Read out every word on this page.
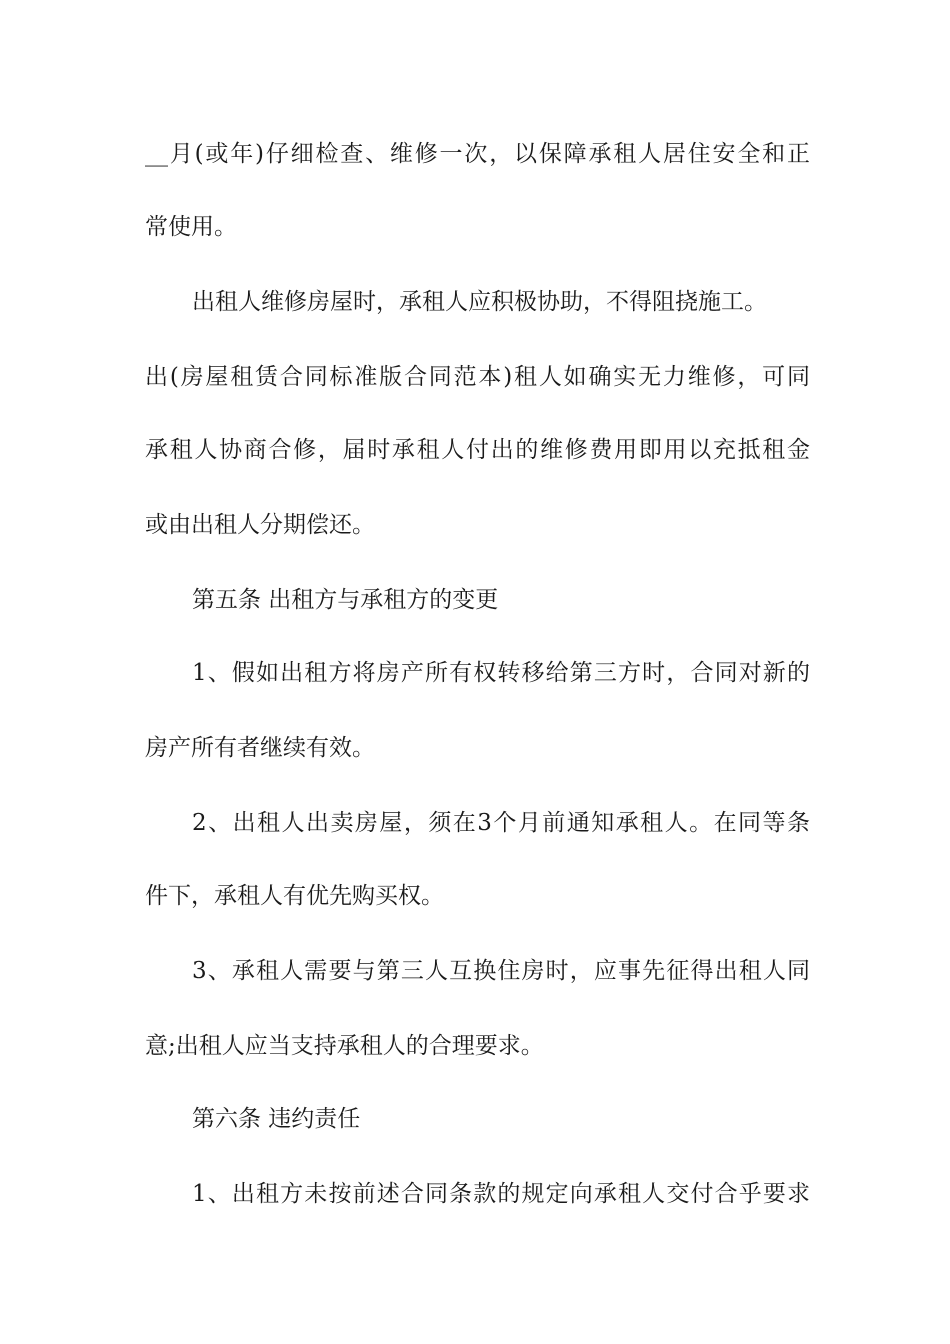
__月(或年)仔细检查、维修一次，以保障承租人居住安全和正
常使用。
出租人维修房屋时，承租人应积极协助，不得阻挠施工。
出(房屋租赁合同标准版合同范本)租人如确实无力维修，可同
承租人协商合修，届时承租人付出的维修费用即用以充抵租金
或由出租人分期偿还。
第五条 出租方与承租方的变更
1、假如出租方将房产所有权转移给第三方时，合同对新的
房产所有者继续有效。
2、出租人出卖房屋，须在3个月前通知承租人。在同等条
件下，承租人有优先购买权。
3、承租人需要与第三人互换住房时，应事先征得出租人同
意;出租人应当支持承租人的合理要求。
第六条 违约责任
1、出租方未按前述合同条款的规定向承租人交付合乎要求
